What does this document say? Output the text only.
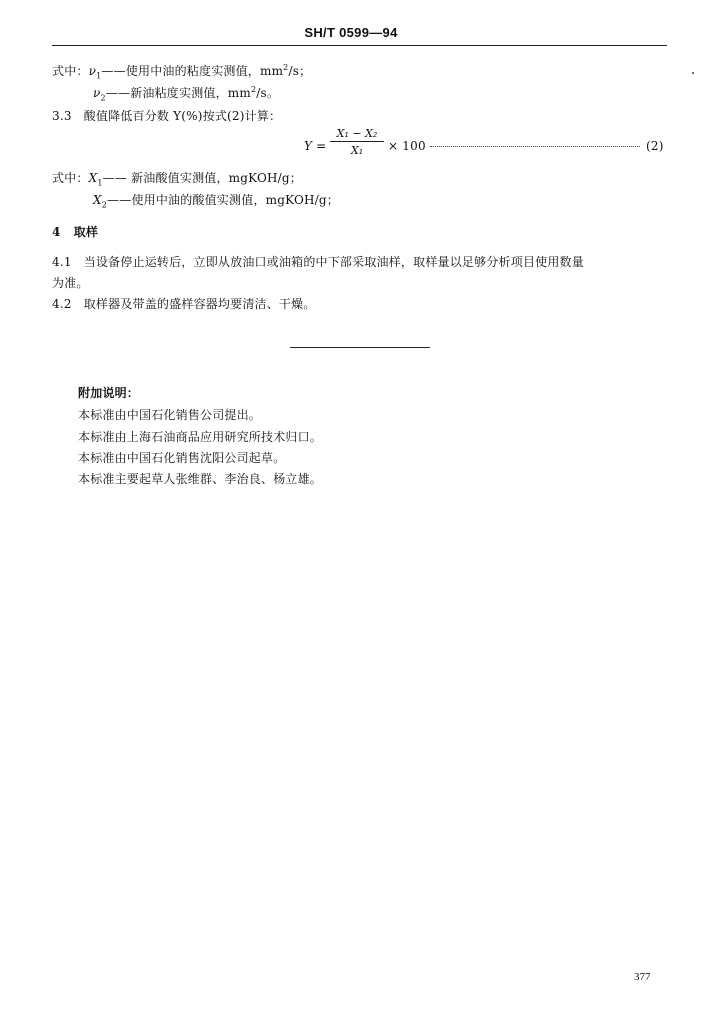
SH/T 0599—94
式中：$\nu_1——$使用中油的粘度实测值，$mm^2/s$；
$\nu_2——$新油粘度实测值，$mm^2/s$。
3.3 酸值降低百分数 Y(%)按式(2)计算：
$Y = \frac{\text{X₁ − X₂}}{\text{X₁}} \times 100$	(2)
式中：$X_1——$ 新油酸值实测值，mgKOH/g；
$X_2——$使用中油的酸值实测值，mgKOH/g；
4 取样
4.1 当设备停止运转后，立即从放油口或油箱的中下部采取油样，取样量以足够分析项目使用数量
为准。
4.2 取样器及带盖的盛样容器均要清洁、干燥。
附加说明：
本标准由中国石化销售公司提出。
本标准由上海石油商品应用研究所技术归口。
本标准由中国石化销售沈阳公司起草。
本标准主要起草人张维群、李治良、杨立雄。
377
